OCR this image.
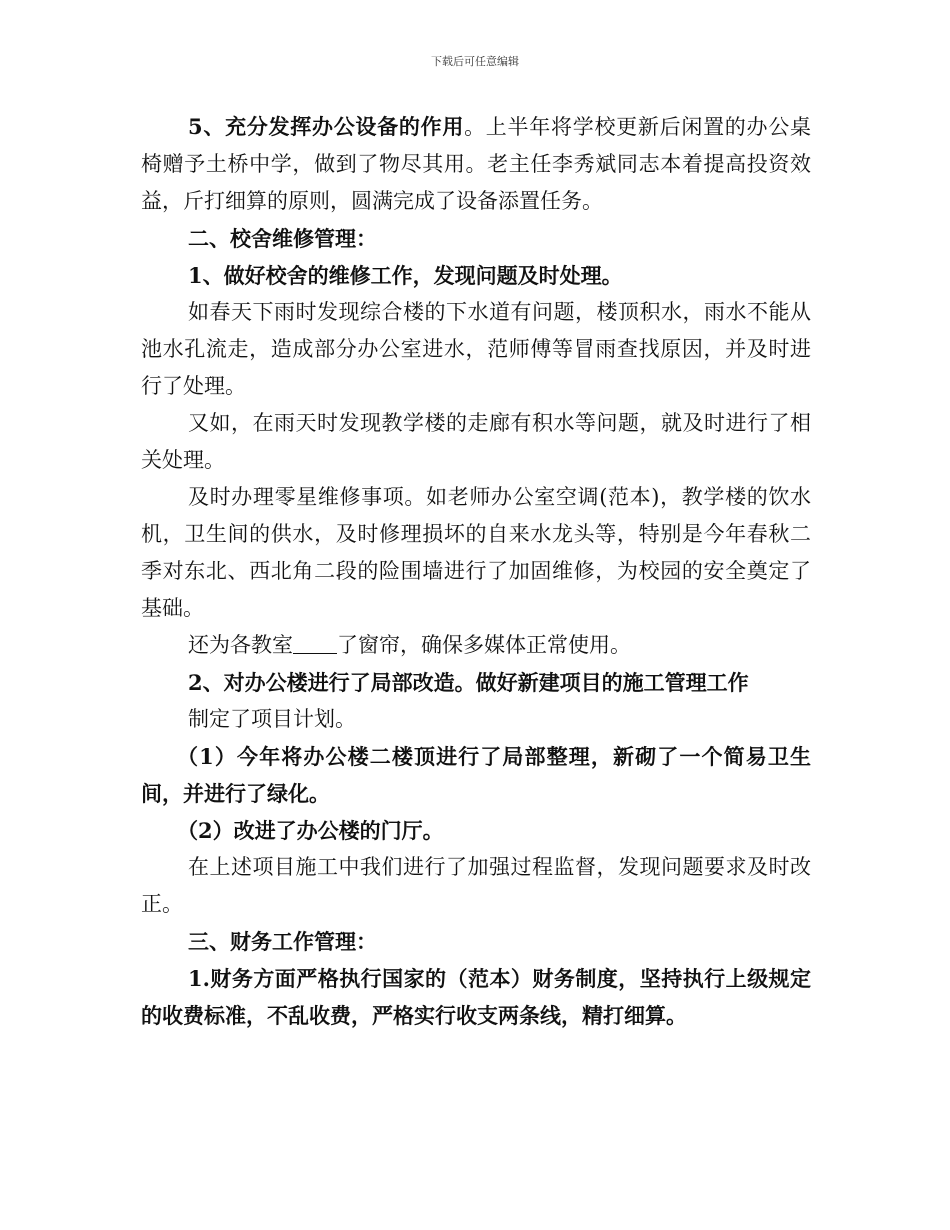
下载后可任意编辑

5、充分发挥办公设备的作用。上半年将学校更新后闲置的办公桌椅赠予土桥中学，做到了物尽其用。老主任李秀斌同志本着提高投资效益，斤打细算的原则，圆满完成了设备添置任务。

二、校舍维修管理：

1、做好校舍的维修工作，发现问题及时处理。

如春天下雨时发现综合楼的下水道有问题，楼顶积水，雨水不能从池水孔流走，造成部分办公室进水，范师傅等冒雨查找原因，并及时进行了处理。

又如，在雨天时发现教学楼的走廊有积水等问题，就及时进行了相关处理。

及时办理零星维修事项。如老师办公室空调(范本)，教学楼的饮水机，卫生间的供水，及时修理损坏的自来水龙头等，特别是今年春秋二季对东北、西北角二段的险围墙进行了加固维修，为校园的安全奠定了基础。

还为各教室 了窗帘，确保多媒体正常使用。

2、对办公楼进行了局部改造。做好新建项目的施工管理工作

制定了项目计划。

（1）今年将办公楼二楼顶进行了局部整理，新砌了一个简易卫生间，并进行了绿化。

（2）改进了办公楼的门厅。

在上述项目施工中我们进行了加强过程监督，发现问题要求及时改正。

三、财务工作管理：

1.财务方面严格执行国家的（范本）财务制度，坚持执行上级规定的收费标准，不乱收费，严格实行收支两条线，精打细算。
